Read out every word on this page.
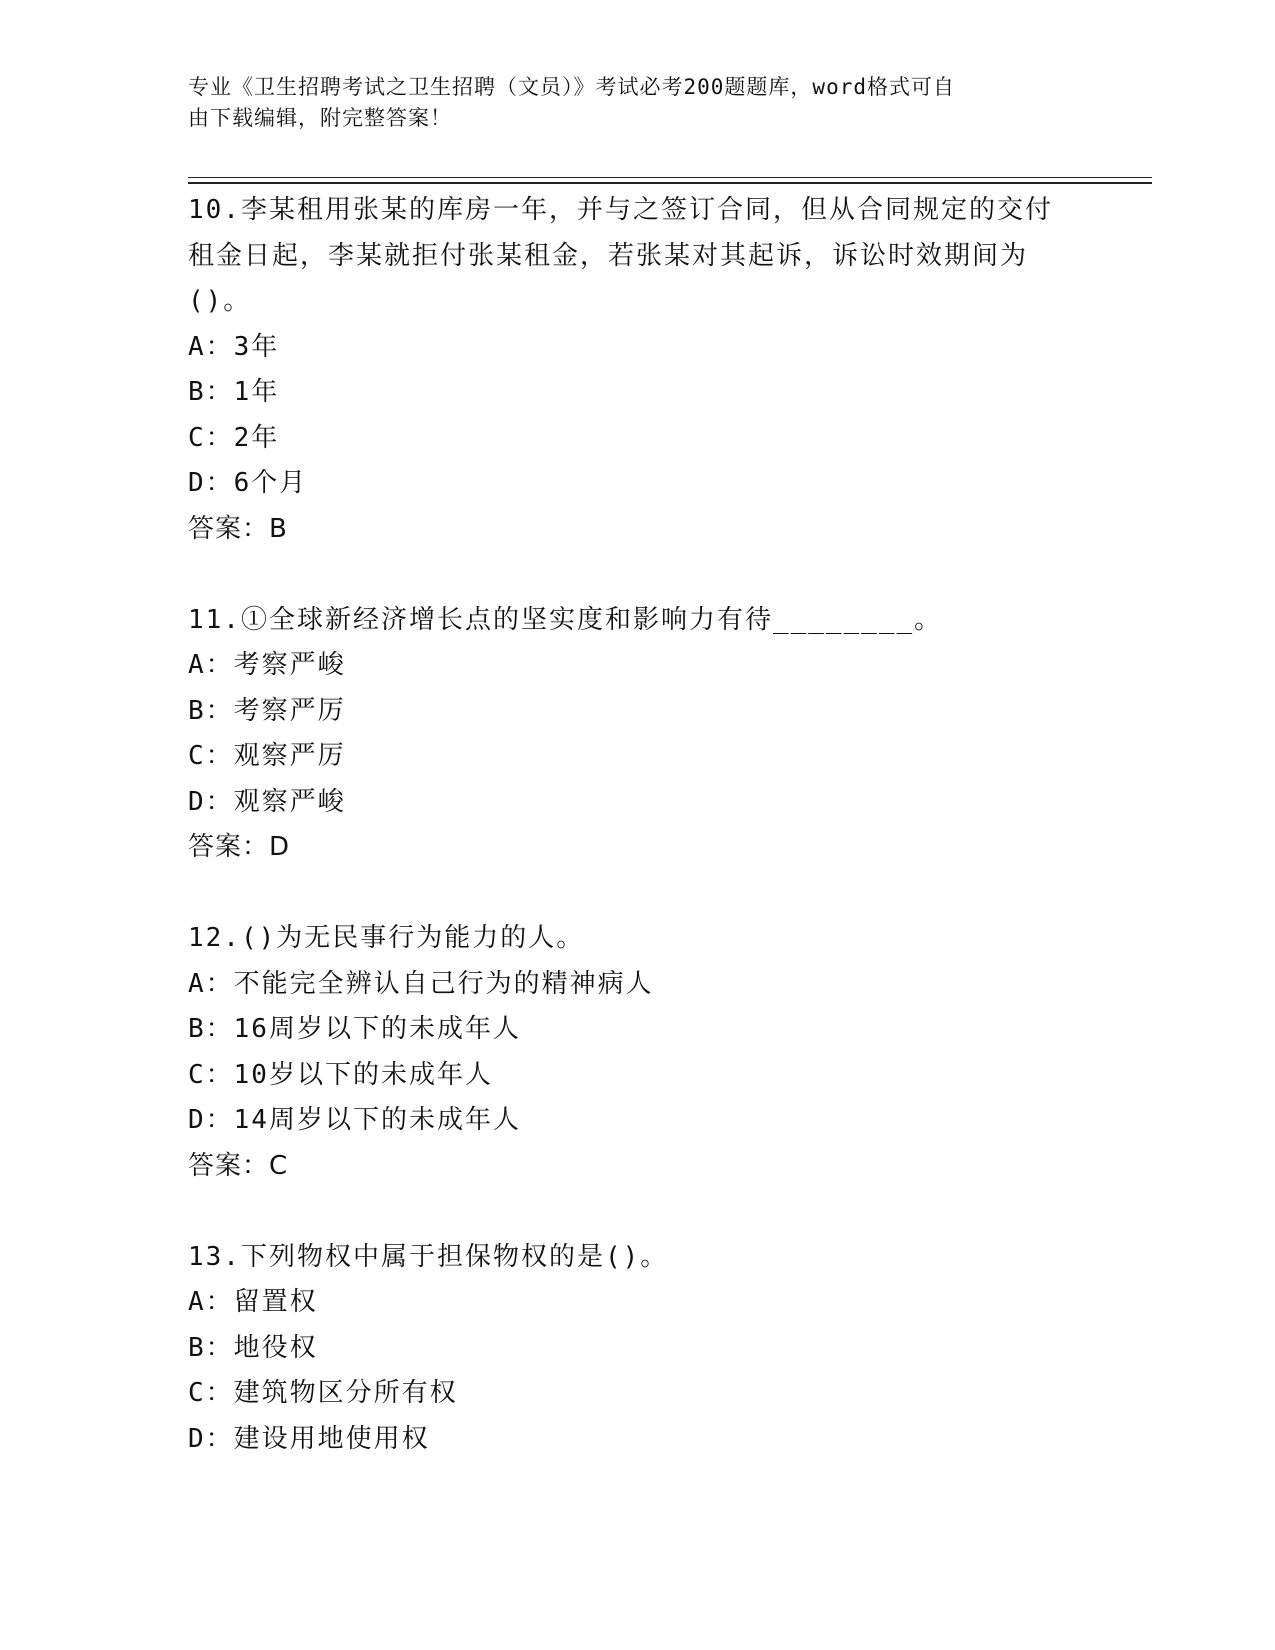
专业《卫生招聘考试之卫生招聘（文员）》考试必考200题题库，word格式可自
由下载编辑，附完整答案！
10.李某租用张某的库房一年，并与之签订合同，但从合同规定的交付
租金日起，李某就拒付张某租金，若张某对其起诉，诉讼时效期间为
()。
A：3年
B：1年
C：2年
D：6个月
答案：B
11.①全球新经济增长点的坚实度和影响力有待________。
A：考察严峻
B：考察严厉
C：观察严厉
D：观察严峻
答案：D
12.()为无民事行为能力的人。
A：不能完全辨认自己行为的精神病人
B：16周岁以下的未成年人
C：10岁以下的未成年人
D：14周岁以下的未成年人
答案：C
13.下列物权中属于担保物权的是()。
A：留置权
B：地役权
C：建筑物区分所有权
D：建设用地使用权
